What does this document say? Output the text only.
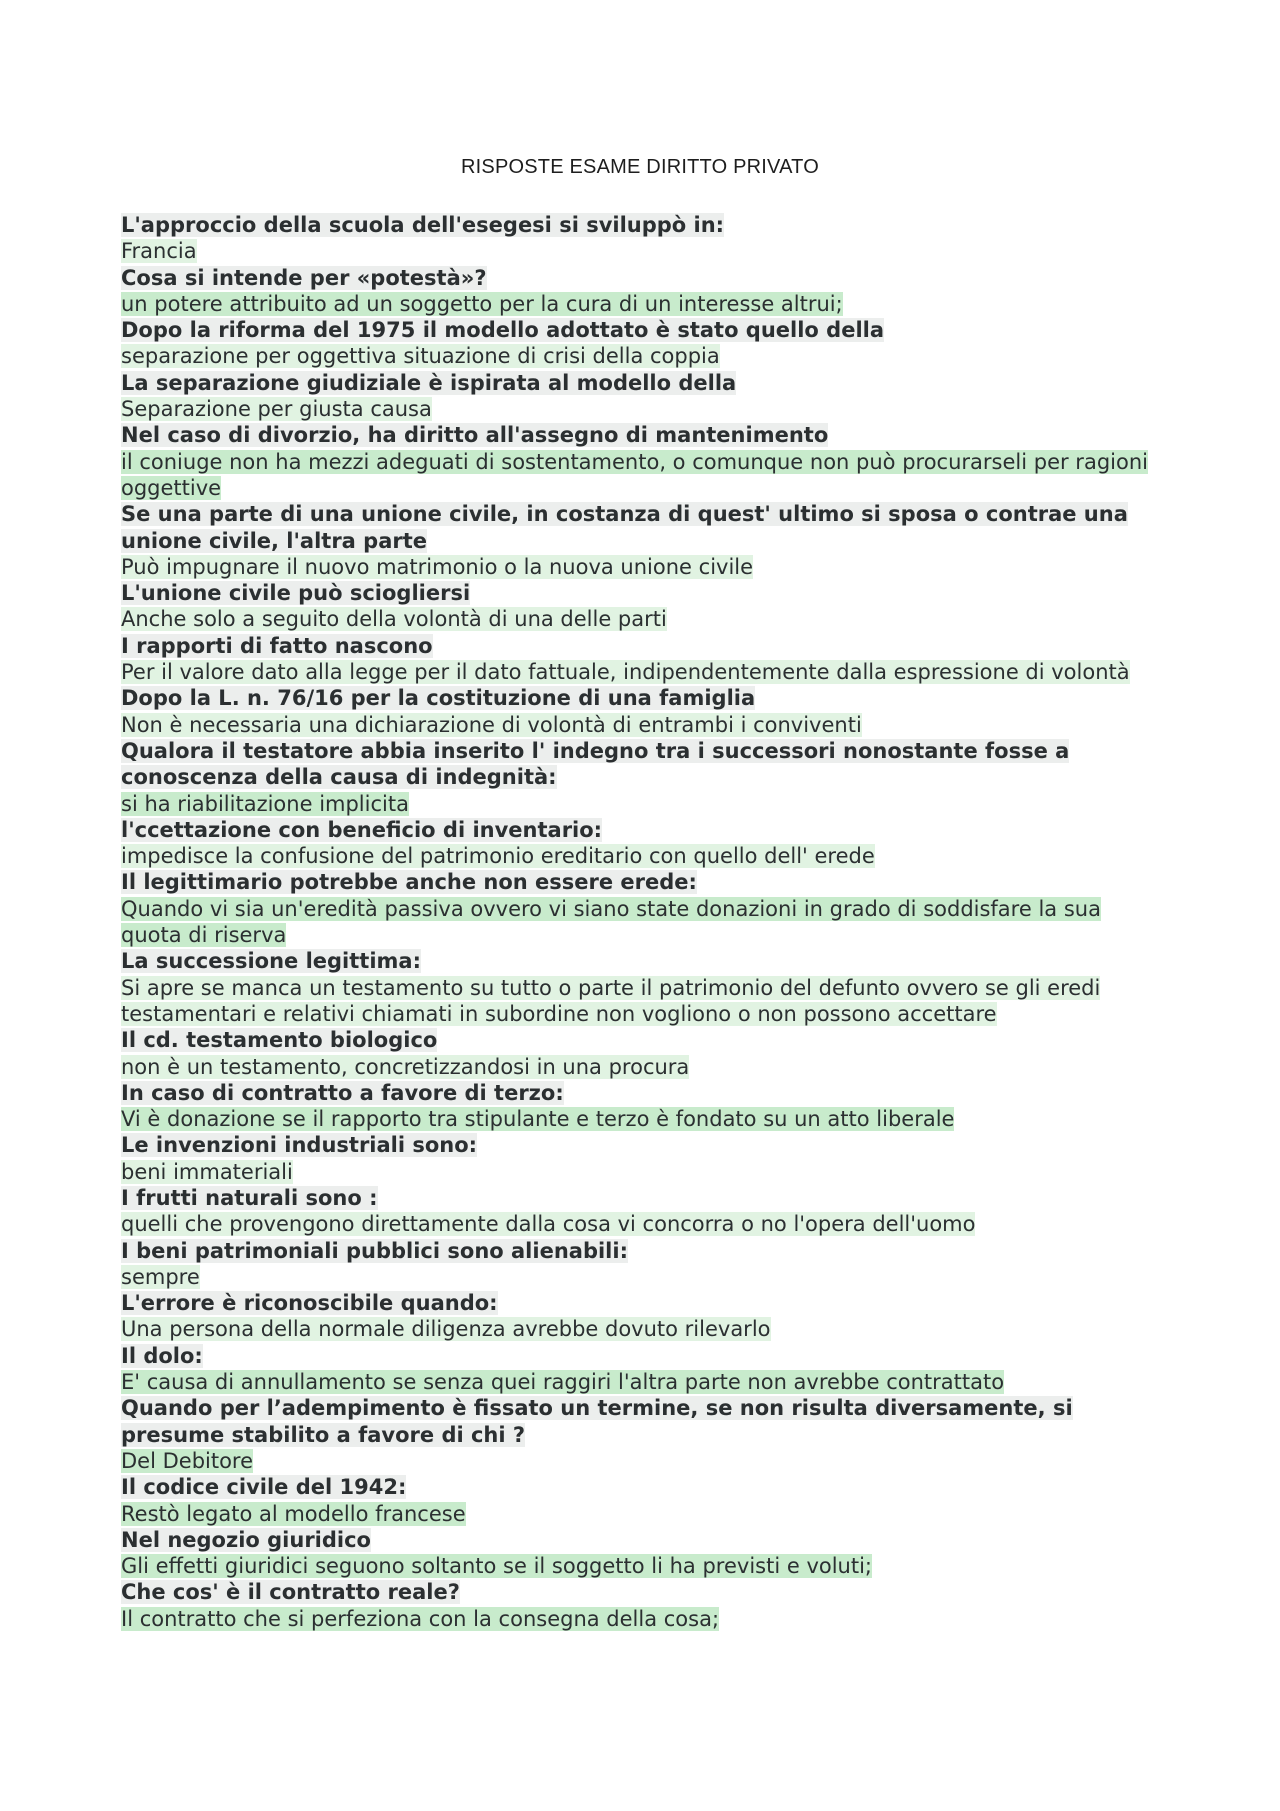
RISPOSTE ESAME DIRITTO PRIVATO

L'approccio della scuola dell'esegesi si sviluppò in:

Francia

Cosa si intende per «potestà»?

un potere attribuito ad un soggetto per la cura di un interesse altrui;

Dopo la riforma del 1975 il modello adottato è stato quello della

separazione per oggettiva situazione di crisi della coppia

La separazione giudiziale è ispirata al modello della

Separazione per giusta causa

Nel caso di divorzio, ha diritto all'assegno di mantenimento

il coniuge non ha mezzi adeguati di sostentamento, o comunque non può procurarseli per ragioni oggettive

Se una parte di una unione civile, in costanza di quest' ultimo si sposa o contrae una unione civile, l'altra parte

Può impugnare il nuovo matrimonio o la nuova unione civile

L'unione civile può sciogliersi

Anche solo a seguito della volontà di una delle parti

I rapporti di fatto nascono

Per il valore dato alla legge per il dato fattuale, indipendentemente dalla espressione di volontà

Dopo la L. n. 76/16 per la costituzione di una famiglia

Non è necessaria una dichiarazione di volontà di entrambi i conviventi

Qualora il testatore abbia inserito l' indegno tra i successori nonostante fosse a conoscenza della causa di indegnità:

si ha riabilitazione implicita

l'ccettazione con beneficio di inventario:

impedisce la confusione del patrimonio ereditario con quello dell' erede

Il legittimario potrebbe anche non essere erede:

Quando vi sia un'eredità passiva ovvero vi siano state donazioni in grado di soddisfare la sua quota di riserva

La successione legittima:

Si apre se manca un testamento su tutto o parte il patrimonio del defunto ovvero se gli eredi testamentari e relativi chiamati in subordine non vogliono o non possono accettare

Il cd. testamento biologico

non è un testamento, concretizzandosi in una procura

In caso di contratto a favore di terzo:

Vi è donazione se il rapporto tra stipulante e terzo è fondato su un atto liberale

Le invenzioni industriali sono:

beni immateriali

I frutti naturali sono :

quelli che provengono direttamente dalla cosa vi concorra o no l'opera dell'uomo

I beni patrimoniali pubblici sono alienabili:

sempre

L'errore è riconoscibile quando:

Una persona della normale diligenza avrebbe dovuto rilevarlo

Il dolo:

E' causa di annullamento se senza quei raggiri l'altra parte non avrebbe contrattato

Quando per l’adempimento è fissato un termine, se non risulta diversamente, si presume stabilito a favore di chi ?

Del Debitore

Il codice civile del 1942:

Restò legato al modello francese

Nel negozio giuridico

Gli effetti giuridici seguono soltanto se il soggetto li ha previsti e voluti;

Che cos' è il contratto reale?

Il contratto che si perfeziona con la consegna della cosa;
